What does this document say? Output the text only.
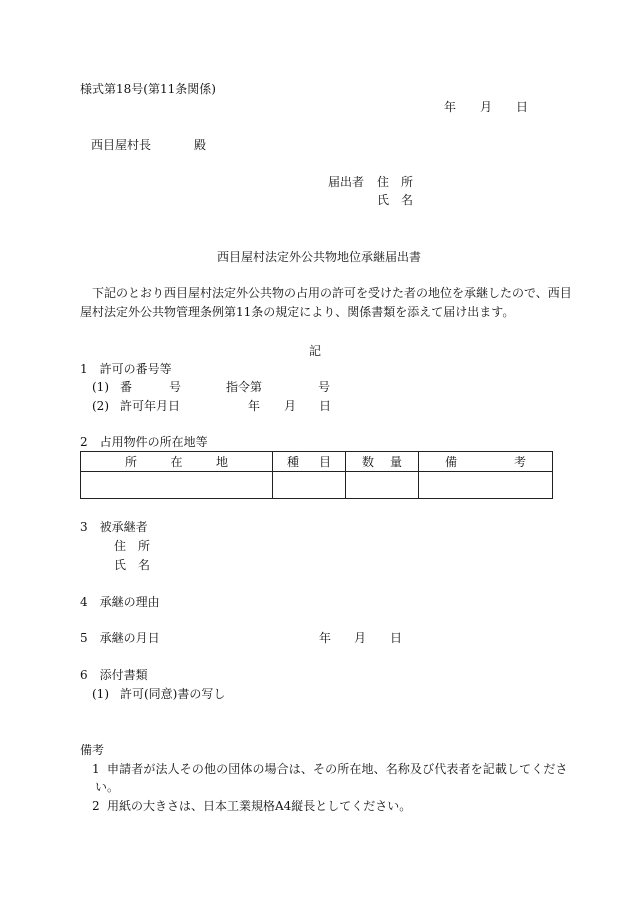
様式第18号(第11条関係)
年 月 日
西目屋村長	殿
届出者 住　所
氏　名
西目屋村法定外公共物地位承継届出書
下記のとおり西目屋村法定外公共物の占用の許可を受けた者の地位を承継したので、西目
屋村法定外公共物管理条例第11条の規定により、関係書類を添えて届け出ます。
記
1　許可の番号等
(1) 番	号	指令第	号
(2) 許可年月日	年 月 日
2　占用物件の所在地等
所 在 地	種 目	数 量	備 考

3　被承継者
住　所
氏　名
4　承継の理由
5　承継の月日	年 月 日
6　添付書類
(1) 許可(同意)書の写し
備考
1 申請者が法人その他の団体の場合は、その所在地、名称及び代表者を記載してくださ
い。
2 用紙の大きさは、日本工業規格A4縦長としてください。
